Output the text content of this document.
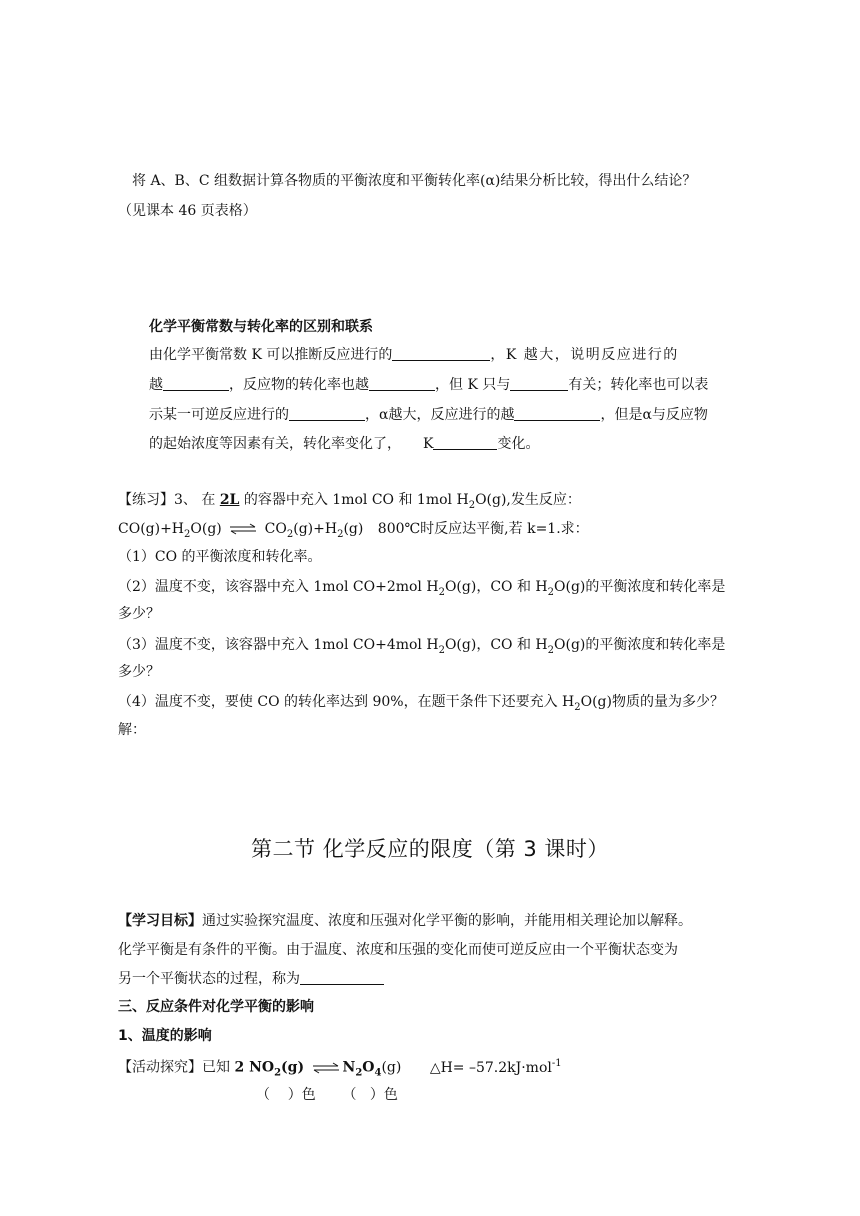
将 A、B、C 组数据计算各物质的平衡浓度和平衡转化率(α)结果分析比较，得出什么结论？
（见课本 46 页表格）
化学平衡常数与转化率的区别和联系
由化学平衡常数 K 可以推断反应进行的	，K 越大，说明反应进行的
越	，反应物的转化率也越	，但 K 只与	有关；转化率也可以表
示某一可逆反应进行的	，α越大，反应进行的越	，但是α与反应物
的起始浓度等因素有关，转化率变化了， K	变化。
【练习】3、 在 2L 的容器中充入 1mol CO 和 1mol $H_2O(g)$,发生反应：
$CO(g)+H_2O(g)$ ⇌ $CO_2(g)+H_2(g)$ 800℃时反应达平衡,若 k=1.求：
（1）CO 的平衡浓度和转化率。
（2）温度不变，该容器中充入 1mol CO+2mol $H_2O(g)$，CO 和 $H_2O(g)$的平衡浓度和转化率是
多少？
（3）温度不变，该容器中充入 1mol CO+4mol $H_2O(g)$，CO 和 $H_2O(g)$的平衡浓度和转化率是
多少？
（4）温度不变，要使 CO 的转化率达到 90%，在题干条件下还要充入 $H_2O(g)$物质的量为多少？
解：
第二节 化学反应的限度（第 3 课时）
【学习目标】通过实验探究温度、浓度和压强对化学平衡的影响，并能用相关理论加以解释。
化学平衡是有条件的平衡。由于温度、浓度和压强的变化而使可逆反应由一个平衡状态变为
另一个平衡状态的过程，称为
三、反应条件对化学平衡的影响
1、温度的影响
【活动探究】已知 2 $NO_2(g)$ ⇌ $N_2O_4(g)$ △H= –57.2kJ·mol$^{-1}$
（    ）色      （   ）色
